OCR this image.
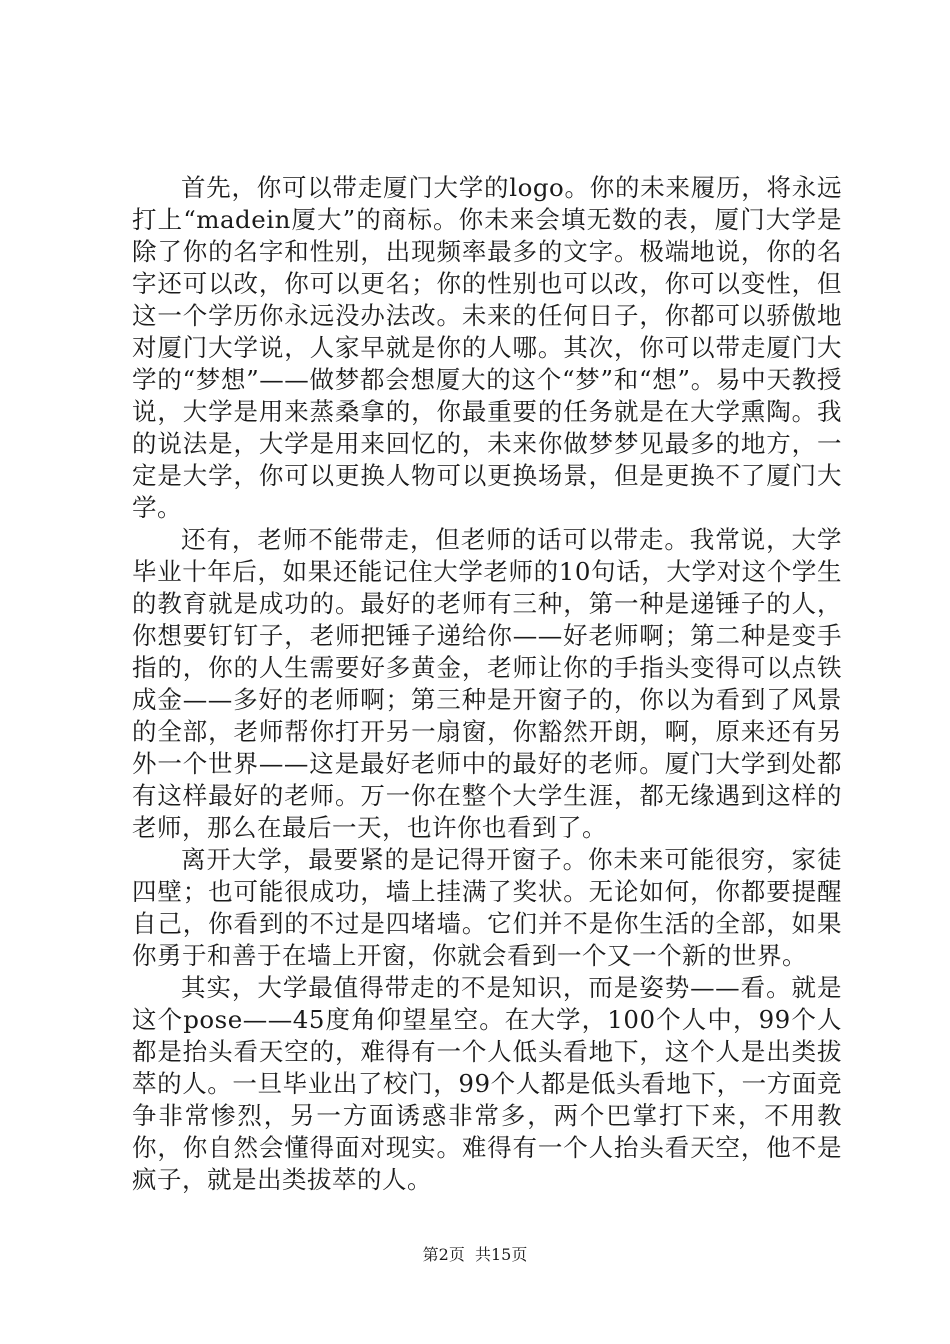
首先，你可以带走厦门大学的logo。你的未来履历，将永远打上“madein厦大”的商标。你未来会填无数的表，厦门大学是除了你的名字和性别，出现频率最多的文字。极端地说，你的名字还可以改，你可以更名；你的性别也可以改，你可以变性，但这一个学历你永远没办法改。未来的任何日子，你都可以骄傲地对厦门大学说，人家早就是你的人哪。其次，你可以带走厦门大学的“梦想”——做梦都会想厦大的这个“梦”和“想”。易中天教授说，大学是用来蒸桑拿的，你最重要的任务就是在大学熏陶。我的说法是，大学是用来回忆的，未来你做梦梦见最多的地方，一定是大学，你可以更换人物可以更换场景，但是更换不了厦门大学。

还有，老师不能带走，但老师的话可以带走。我常说，大学毕业十年后，如果还能记住大学老师的10句话，大学对这个学生的教育就是成功的。最好的老师有三种，第一种是递锤子的人，你想要钉钉子，老师把锤子递给你——好老师啊；第二种是变手指的，你的人生需要好多黄金，老师让你的手指头变得可以点铁成金——多好的老师啊；第三种是开窗子的，你以为看到了风景的全部，老师帮你打开另一扇窗，你豁然开朗，啊，原来还有另外一个世界——这是最好老师中的最好的老师。厦门大学到处都有这样最好的老师。万一你在整个大学生涯，都无缘遇到这样的老师，那么在最后一天，也许你也看到了。

离开大学，最要紧的是记得开窗子。你未来可能很穷，家徒四壁；也可能很成功，墙上挂满了奖状。无论如何，你都要提醒自己，你看到的不过是四堵墙。它们并不是你生活的全部，如果你勇于和善于在墙上开窗，你就会看到一个又一个新的世界。

其实，大学最值得带走的不是知识，而是姿势——看。就是这个pose——45度角仰望星空。在大学，100个人中，99个人都是抬头看天空的，难得有一个人低头看地下，这个人是出类拔萃的人。一旦毕业出了校门，99个人都是低头看地下，一方面竞争非常惨烈，另一方面诱惑非常多，两个巴掌打下来，不用教你，你自然会懂得面对现实。难得有一个人抬头看天空，他不是疯子，就是出类拔萃的人。

第2页  共15页
